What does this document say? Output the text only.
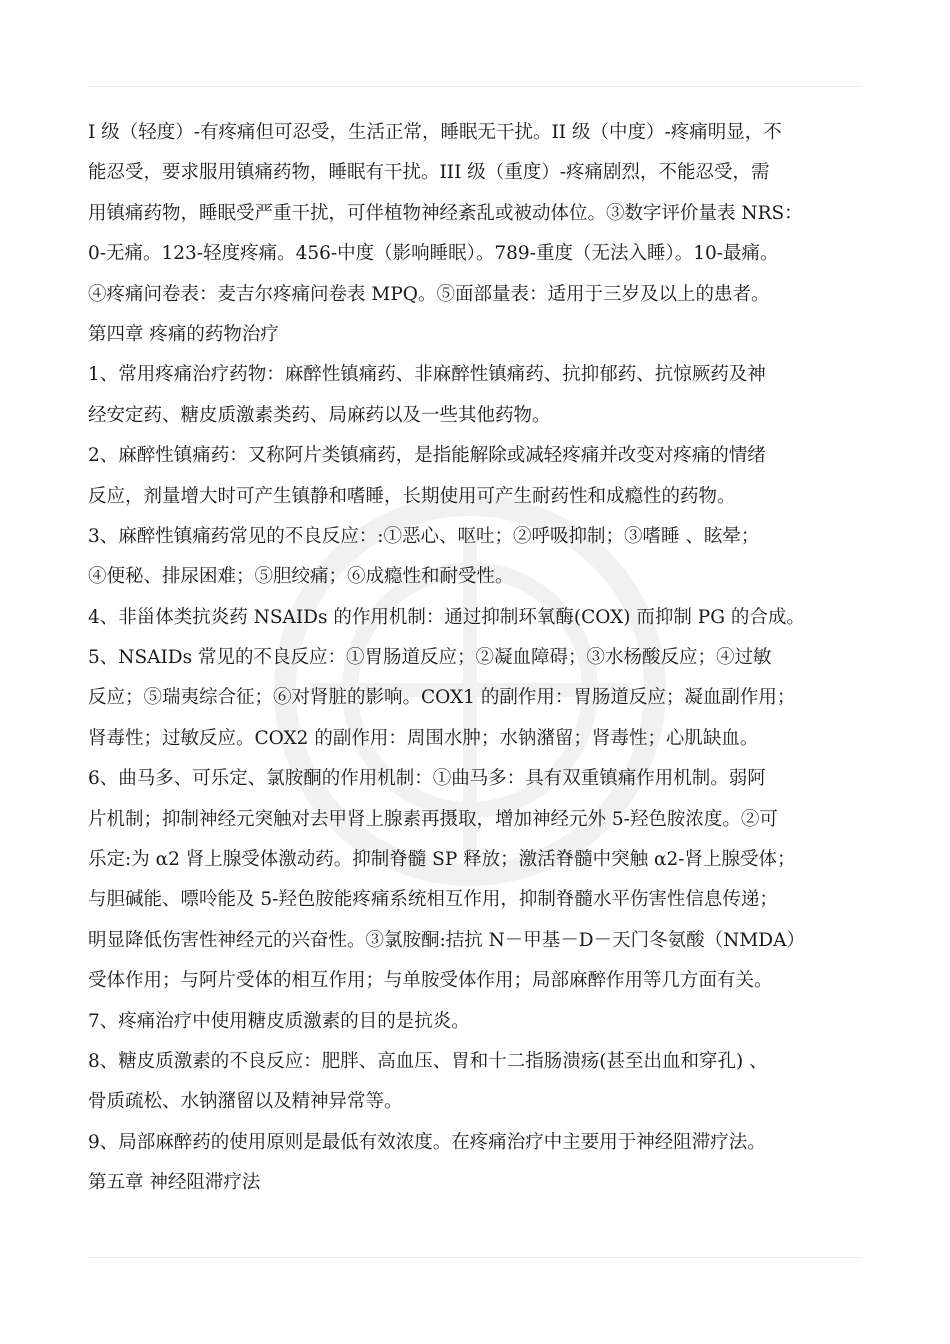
I 级（轻度）-有疼痛但可忍受，生活正常，睡眠无干扰。II 级（中度）-疼痛明显，不
能忍受，要求服用镇痛药物，睡眠有干扰。III 级（重度）-疼痛剧烈，不能忍受，需
用镇痛药物，睡眠受严重干扰，可伴植物神经紊乱或被动体位。③数字评价量表 NRS：
0-无痛。123-轻度疼痛。456-中度（影响睡眠）。789-重度（无法入睡）。10-最痛。
④疼痛问卷表：麦吉尔疼痛问卷表 MPQ。⑤面部量表：适用于三岁及以上的患者。
第四章 疼痛的药物治疗
1、常用疼痛治疗药物：麻醉性镇痛药、非麻醉性镇痛药、抗抑郁药、抗惊厥药及神
经安定药、糖皮质激素类药、局麻药以及一些其他药物。
2、麻醉性镇痛药：又称阿片类镇痛药，是指能解除或减轻疼痛并改变对疼痛的情绪
反应，剂量增大时可产生镇静和嗜睡，长期使用可产生耐药性和成瘾性的药物。
3、麻醉性镇痛药常见的不良反应：:①恶心、呕吐；②呼吸抑制；③嗜睡 、眩晕；
④便秘、排尿困难；⑤胆绞痛；⑥成瘾性和耐受性。
4、非甾体类抗炎药 NSAIDs 的作用机制：通过抑制环氧酶(COX) 而抑制 PG 的合成。
5、NSAIDs 常见的不良反应：①胃肠道反应；②凝血障碍；③水杨酸反应；④过敏
反应；⑤瑞夷综合征；⑥对肾脏的影响。COX1 的副作用：胃肠道反应；凝血副作用；
肾毒性；过敏反应。COX2 的副作用：周围水肿；水钠潴留；肾毒性；心肌缺血。
6、曲马多、可乐定、氯胺酮的作用机制：①曲马多：具有双重镇痛作用机制。弱阿
片机制；抑制神经元突触对去甲肾上腺素再摄取，增加神经元外 5-羟色胺浓度。②可
乐定:为 α2 肾上腺受体激动药。抑制脊髓 SP 释放；激活脊髓中突触 α2-肾上腺受体；
与胆碱能、嘌呤能及 5-羟色胺能疼痛系统相互作用，抑制脊髓水平伤害性信息传递；
明显降低伤害性神经元的兴奋性。③氯胺酮:拮抗 N－甲基－D－天门冬氨酸（NMDA）
受体作用；与阿片受体的相互作用；与单胺受体作用；局部麻醉作用等几方面有关。
7、疼痛治疗中使用糖皮质激素的目的是抗炎。
8、糖皮质激素的不良反应：肥胖、高血压、胃和十二指肠溃疡(甚至出血和穿孔) 、
骨质疏松、水钠潴留以及精神异常等。
9、局部麻醉药的使用原则是最低有效浓度。在疼痛治疗中主要用于神经阻滞疗法。
第五章 神经阻滞疗法
